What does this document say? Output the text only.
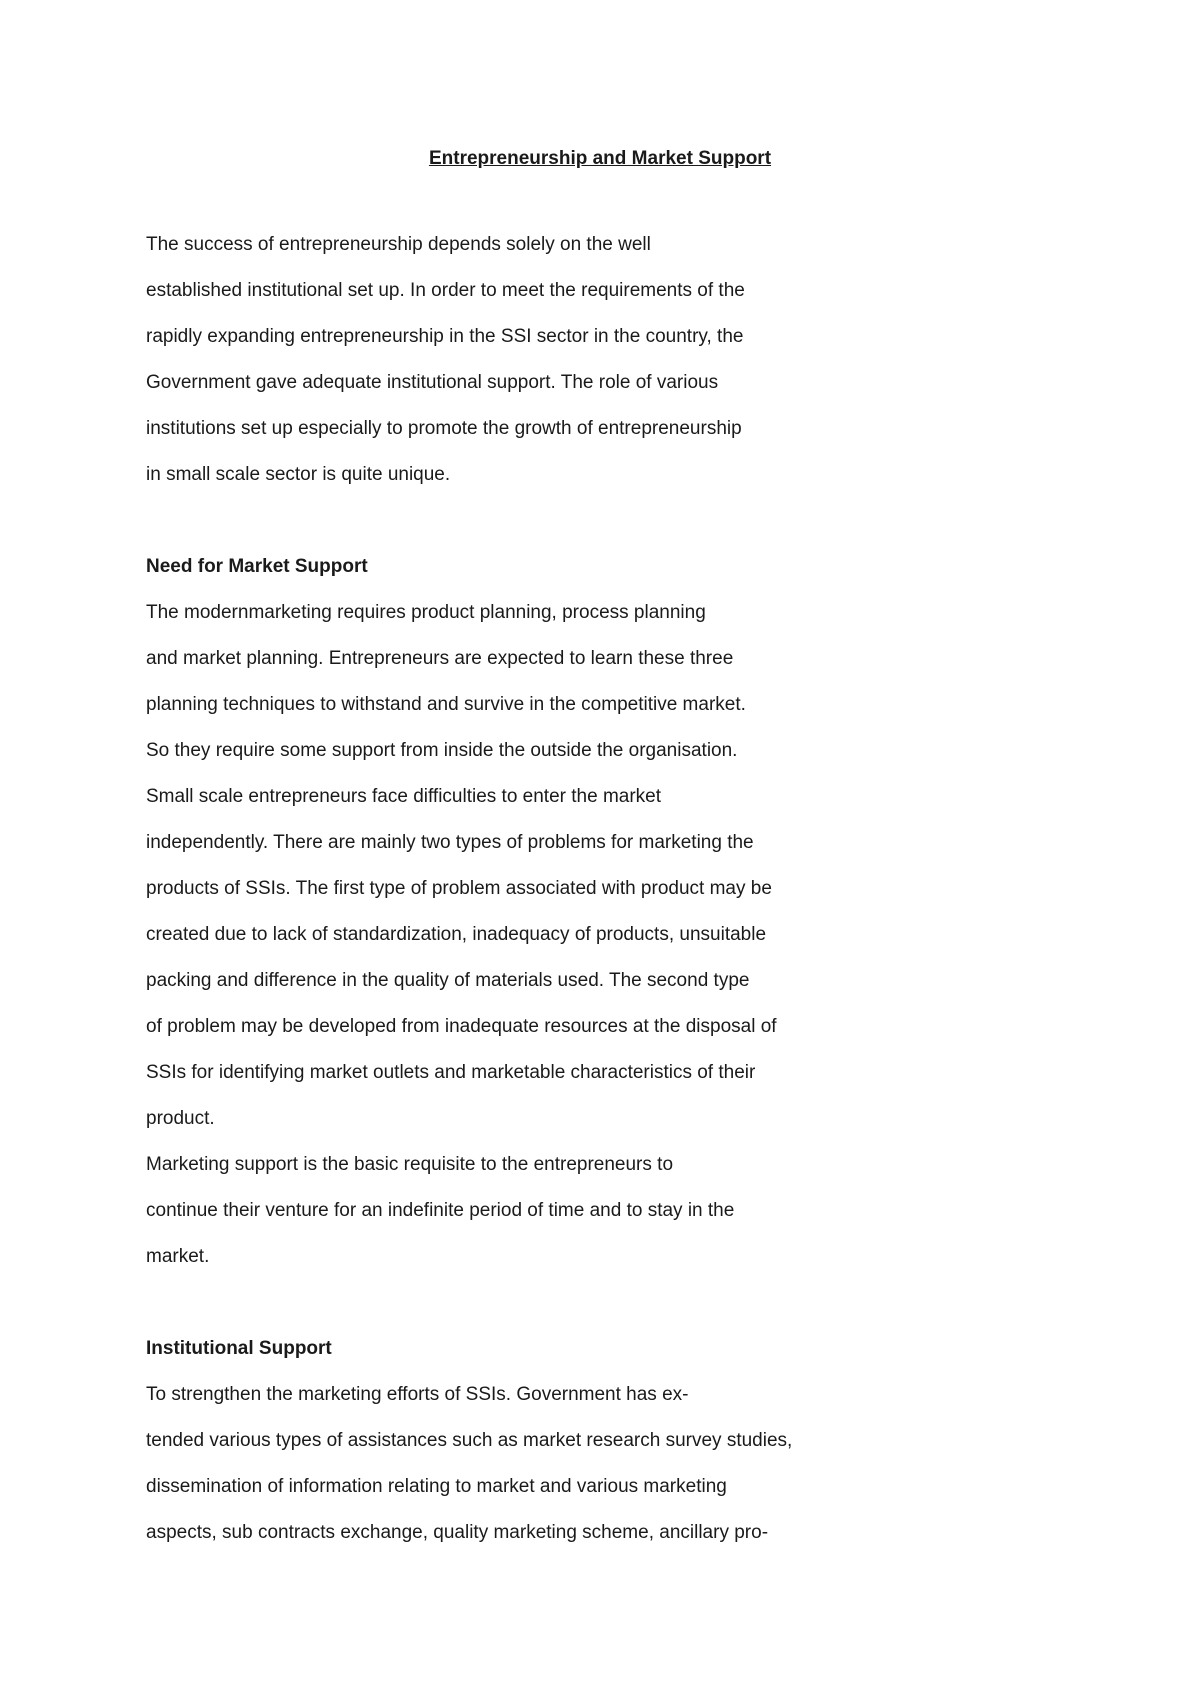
Entrepreneurship and Market Support
The success of entrepreneurship depends solely on the well
established institutional set up. In order to meet the requirements of the
rapidly expanding entrepreneurship in the SSI sector in the country, the
Government gave adequate institutional support. The role of various
institutions set up especially to promote the growth of entrepreneurship
in small scale sector is quite unique.
Need for Market Support
The modernmarketing requires product planning, process planning
and market planning. Entrepreneurs are expected to learn these three
planning techniques to withstand and survive in the competitive market.
So they require some support from inside the outside the organisation.
Small scale entrepreneurs face difficulties to enter the market
independently. There are mainly two types of problems for marketing the
products of SSIs. The first type of problem associated with product may be
created due to lack of standardization, inadequacy of products, unsuitable
packing and difference in the quality of materials used. The second type
of problem may be developed from inadequate resources at the disposal of
SSIs for identifying market outlets and marketable characteristics of their
product.
Marketing support is the basic requisite to the entrepreneurs to
continue their venture for an indefinite period of time and to stay in the
market.
Institutional Support
To strengthen the marketing efforts of SSIs. Government has ex-
tended various types of assistances such as market research survey studies,
dissemination of information relating to market and various marketing
aspects, sub contracts exchange, quality marketing scheme, ancillary pro-
